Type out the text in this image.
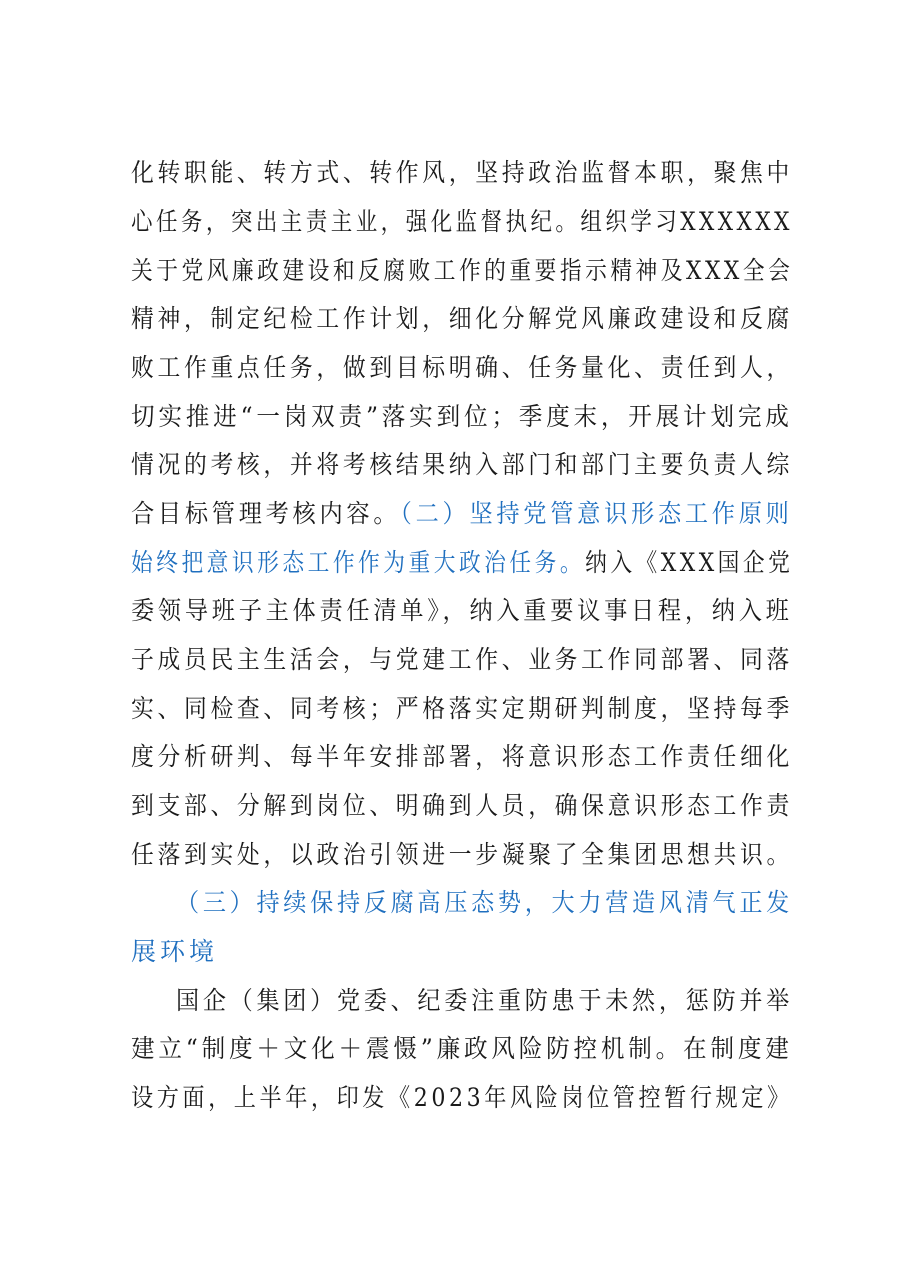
化转职能、转方式、转作风，坚持政治监督本职，聚焦中
心任务，突出主责主业，强化监督执纪。组织学习XXXXXX
关于党风廉政建设和反腐败工作的重要指示精神及XXX全会
精神，制定纪检工作计划，细化分解党风廉政建设和反腐
败工作重点任务，做到目标明确、任务量化、责任到人，
切实推进“一岗双责”落实到位；季度末，开展计划完成
情况的考核，并将考核结果纳入部门和部门主要负责人综
合目标管理考核内容。（二）坚持党管意识形态工作原则
始终把意识形态工作作为重大政治任务。纳入《XXX国企党
委领导班子主体责任清单》，纳入重要议事日程，纳入班
子成员民主生活会，与党建工作、业务工作同部署、同落
实、同检查、同考核；严格落实定期研判制度，坚持每季
度分析研判、每半年安排部署，将意识形态工作责任细化
到支部、分解到岗位、明确到人员，确保意识形态工作责
任落到实处，以政治引领进一步凝聚了全集团思想共识。
（三）持续保持反腐高压态势，大力营造风清气正发
展环境
国企（集团）党委、纪委注重防患于未然，惩防并举
建立“制度＋文化＋震慑”廉政风险防控机制。在制度建
设方面，上半年，印发《2023年风险岗位管控暂行规定》
